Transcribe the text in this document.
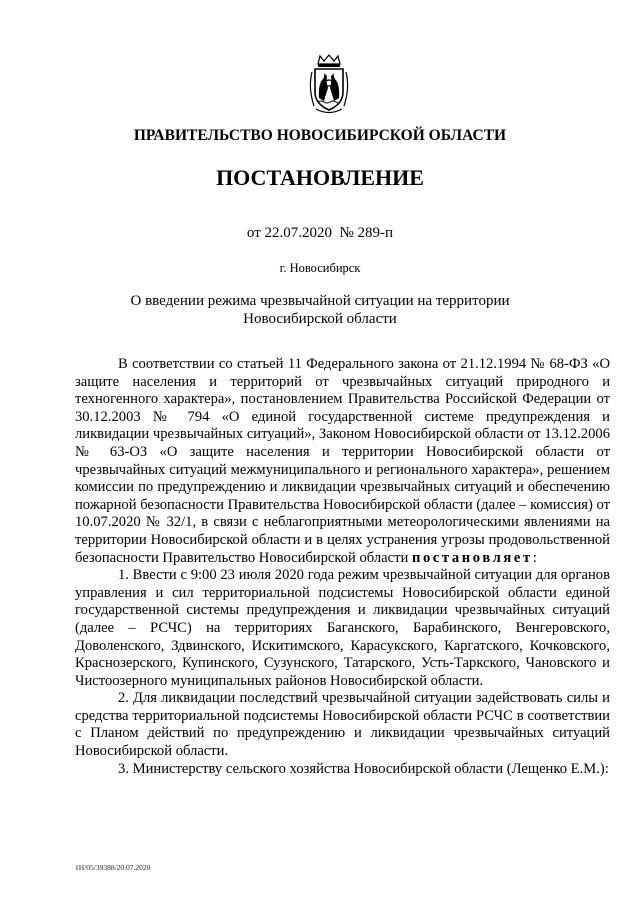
ПРАВИТЕЛЬСТВО НОВОСИБИРСКОЙ ОБЛАСТИ
ПОСТАНОВЛЕНИЕ
от 22.07.2020 № 289-п
г. Новосибирск
О введении режима чрезвычайной ситуации на территории
Новосибирской области

В соответствии со статьей 11 Федерального закона от 21.12.1994 № 68-ФЗ «О защите населения и территорий от чрезвычайных ситуаций природного и техногенного характера», постановлением Правительства Российской Федерации от 30.12.2003 № 794 «О единой государственной системе предупреждения и ликвидации чрезвычайных ситуаций», Законом Новосибирской области от 13.12.2006 № 63-ОЗ «О защите населения и территории Новосибирской области от чрезвычайных ситуаций межмуниципального и регионального характера», решением комиссии по предупреждению и ликвидации чрезвычайных ситуаций и обеспечению пожарной безопасности Правительства Новосибирской области (далее – комиссия) от 10.07.2020 № 32/1, в связи с неблагоприятными метеорологическими явлениями на территории Новосибирской области и в целях устранения угрозы продовольственной безопасности Правительство Новосибирской области постановляет:

1. Ввести с 9:00 23 июля 2020 года режим чрезвычайной ситуации для органов управления и сил территориальной подсистемы Новосибирской области единой государственной системы предупреждения и ликвидации чрезвычайных ситуаций (далее – РСЧС) на территориях Баганского, Барабинского, Венгеровского, Доволенского, Здвинского, Искитимского, Карасукского, Каргатского, Кочковского, Краснозерского, Купинского, Сузунского, Татарского, Усть-Таркского, Чановского и Чистоозерного муниципальных районов Новосибирской области.

2. Для ликвидации последствий чрезвычайной ситуации задействовать силы и средства территориальной подсистемы Новосибирской области РСЧС в соответствии с Планом действий по предупреждению и ликвидации чрезвычайных ситуаций Новосибирской области.

3. Министерству сельского хозяйства Новосибирской области (Лещенко Е.М.):

1Н/05/39388/20.07.2020
